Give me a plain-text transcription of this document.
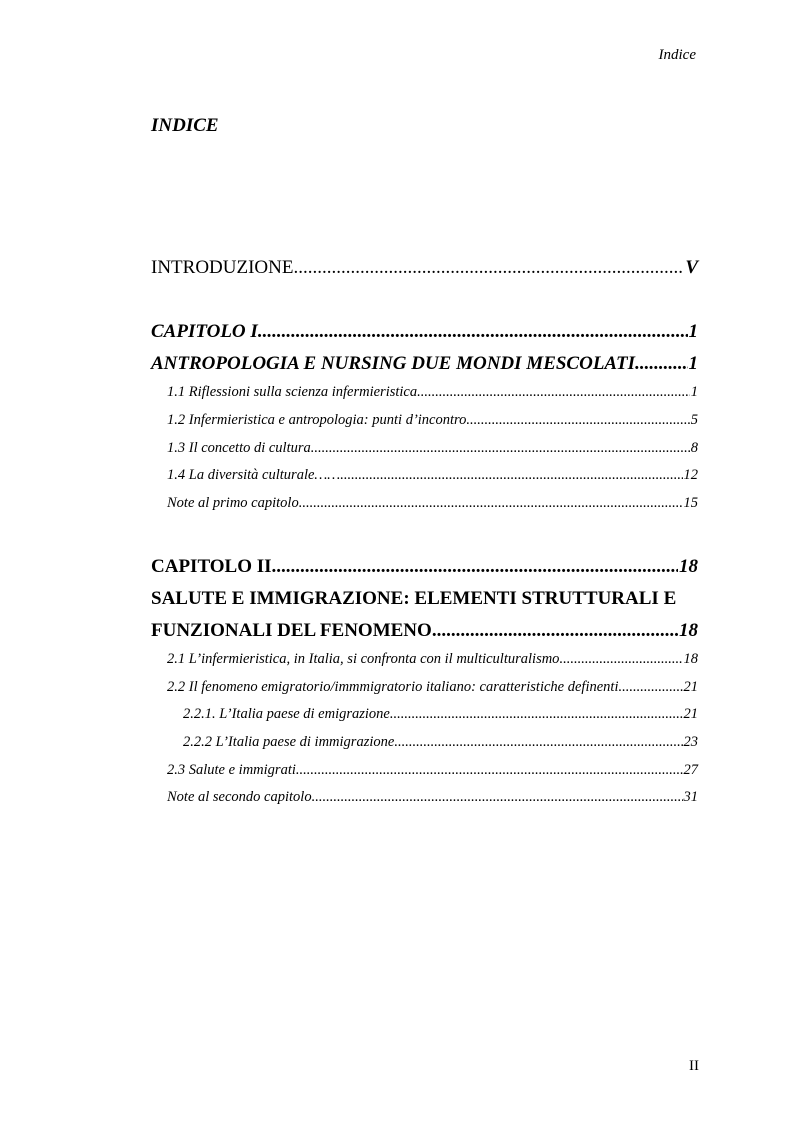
Indice
INDICE
INTRODUZIONE .....	V
CAPITOLO I .....	1
ANTROPOLOGIA E NURSING DUE MONDI MESCOLATI .....	1
1.1 Riflessioni sulla scienza infermieristica .....	1
1.2 Infermieristica e antropologia: punti d’incontro .....	5
1.3 Il concetto di cultura .....	8
1.4 La diversità culturale…… .....	12
Note al primo capitolo .....	15
CAPITOLO II .....	18
SALUTE E IMMIGRAZIONE: ELEMENTI STRUTTURALI E
FUNZIONALI DEL FENOMENO .....	18
2.1 L’infermieristica, in Italia, si confronta con il multiculturalismo .....	18
2.2 Il fenomeno emigratorio/immmigratorio italiano: caratteristiche definenti .....	21
2.2.1. L’Italia paese di emigrazione .....	21
2.2.2 L’Italia paese di immigrazione .....	23
2.3 Salute e immigrati .....	27
Note al secondo capitolo .....	31
II
